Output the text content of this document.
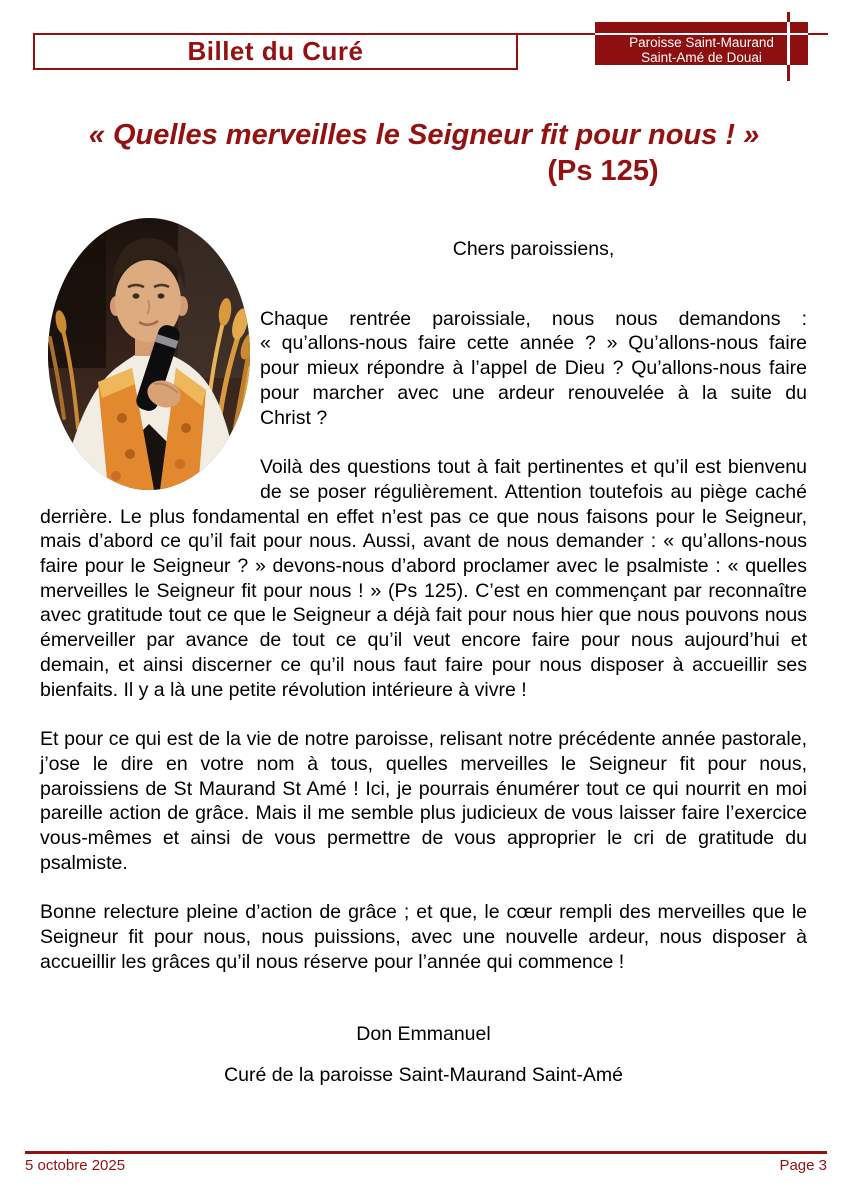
Billet du Curé	Paroisse Saint-Maurand
Saint-Amé de Douai
« Quelles merveilles le Seigneur fit pour nous ! »
(Ps 125)

Chers paroissiens,

Chaque rentrée paroissiale, nous nous demandons : « qu’allons-nous faire cette année ? » Qu’allons-nous faire pour mieux répondre à l’appel de Dieu ? Qu’allons-nous faire pour marcher avec une ardeur renouvelée à la suite du Christ ?

Voilà des questions tout à fait pertinentes et qu’il est bienvenu de se poser régulièrement. Attention toutefois au piège caché derrière. Le plus fondamental en effet n’est pas ce que nous faisons pour le Seigneur, mais d’abord ce qu’il fait pour nous. Aussi, avant de nous demander : « qu’allons-nous faire pour le Seigneur ? » devons-nous d’abord proclamer avec le psalmiste : « quelles merveilles le Seigneur fit pour nous ! » (Ps 125). C’est en commençant par reconnaître avec gratitude tout ce que le Seigneur a déjà fait pour nous hier que nous pouvons nous émerveiller par avance de tout ce qu’il veut encore faire pour nous aujourd’hui et demain, et ainsi discerner ce qu’il nous faut faire pour nous disposer à accueillir ses bienfaits. Il y a là une petite révolution intérieure à vivre !

Et pour ce qui est de la vie de notre paroisse, relisant notre précédente année pastorale, j’ose le dire en votre nom à tous, quelles merveilles le Seigneur fit pour nous, paroissiens de St Maurand St Amé ! Ici, je pourrais énumérer tout ce qui nourrit en moi pareille action de grâce. Mais il me semble plus judicieux de vous laisser faire l’exercice vous-mêmes et ainsi de vous permettre de vous approprier le cri de gratitude du psalmiste.

Bonne relecture pleine d’action de grâce ; et que, le cœur rempli des merveilles que le Seigneur fit pour nous, nous puissions, avec une nouvelle ardeur, nous disposer à accueillir les grâces qu’il nous réserve pour l’année qui commence !

Don Emmanuel

Curé de la paroisse Saint-Maurand Saint-Amé

5 octobre 2025	Page 3
